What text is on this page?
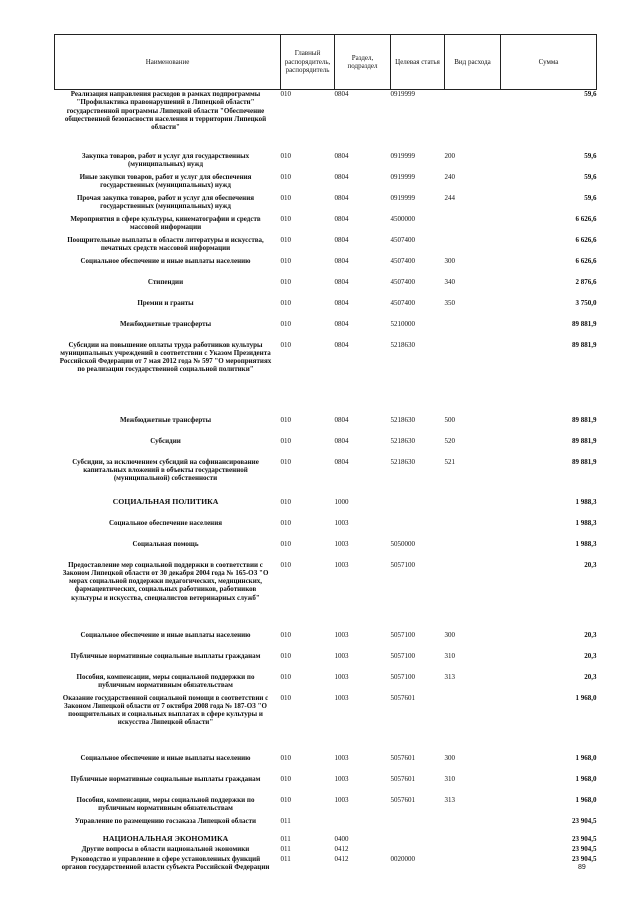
Наименование	Главный распорядитель, распорядитель	Раздел, подраздел	Целевая статья	Вид расхода	Сумма
Реализация направления расходов в рамках подпрограммы "Профилактика правонарушений в Липецкой области" государственной программы Липецкой области "Обеспечение общественной безопасности населения и территории Липецкой области"	010	0804	0919999		59,6
Закупка товаров, работ и услуг для государственных (муниципальных) нужд	010	0804	0919999	200	59,6
Иные закупки товаров, работ и услуг для обеспечения государственных (муниципальных) нужд	010	0804	0919999	240	59,6
Прочая закупка товаров, работ и услуг для обеспечения государственных (муниципальных) нужд	010	0804	0919999	244	59,6
Мероприятия в сфере культуры, кинематографии и средств массовой информации	010	0804	4500000		6 626,6
Поощрительные выплаты в области литературы и искусства, печатных средств массовой информации	010	0804	4507400		6 626,6
Социальное обеспечение и иные выплаты населению	010	0804	4507400	300	6 626,6
Стипендии	010	0804	4507400	340	2 876,6
Премии и гранты	010	0804	4507400	350	3 750,0
Межбюджетные трансферты	010	0804	5210000		89 881,9
Субсидии на повышение оплаты труда работников культуры муниципальных учреждений в соответствии с Указом Президента Российской Федерации от 7 мая 2012 года № 597 "О мероприятиях по реализации государственной социальной политики"	010	0804	5218630		89 881,9
Межбюджетные трансферты	010	0804	5218630	500	89 881,9
Субсидии	010	0804	5218630	520	89 881,9
Субсидии, за исключением субсидий на софинансирование капитальных вложений в объекты государственной (муниципальной) собственности	010	0804	5218630	521	89 881,9
СОЦИАЛЬНАЯ ПОЛИТИКА	010	1000			1 988,3
Социальное обеспечение населения	010	1003			1 988,3
Социальная помощь	010	1003	5050000		1 988,3
Предоставление мер социальной поддержки в соответствии с Законом Липецкой области от 30 декабря 2004 года № 165-ОЗ "О мерах социальной поддержки педагогических, медицинских, фармацевтических, социальных работников, работников культуры и искусства, специалистов ветеринарных служб"	010	1003	5057100		20,3
Социальное обеспечение и иные выплаты населению	010	1003	5057100	300	20,3
Публичные нормативные социальные выплаты гражданам	010	1003	5057100	310	20,3
Пособия, компенсации, меры социальной поддержки по публичным нормативным обязательствам	010	1003	5057100	313	20,3
Оказание государственной социальной помощи в соответствии с Законом Липецкой области от 7 октября 2008 года № 187-ОЗ "О поощрительных и социальных выплатах в сфере культуры и искусства Липецкой области"	010	1003	5057601		1 968,0
Социальное обеспечение и иные выплаты населению	010	1003	5057601	300	1 968,0
Публичные нормативные социальные выплаты гражданам	010	1003	5057601	310	1 968,0
Пособия, компенсации, меры социальной поддержки по публичным нормативным обязательствам	010	1003	5057601	313	1 968,0
Управление по размещению госзаказа Липецкой области	011				23 904,5
НАЦИОНАЛЬНАЯ ЭКОНОМИКА	011	0400			23 904,5
Другие вопросы в области национальной экономики	011	0412			23 904,5
Руководство и управление в сфере установленных функций органов государственной власти субъекта Российской Федерации	011	0412	0020000		23 904,5
89
